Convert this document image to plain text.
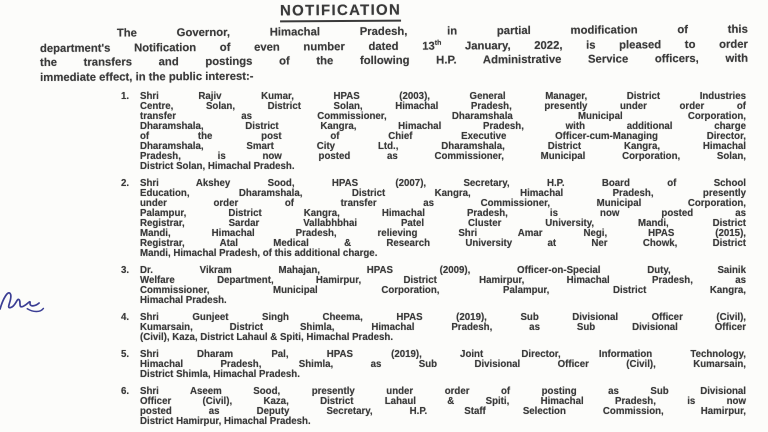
NOTIFICATION
The Governor, Himachal Pradesh, in partial modification of this
department's Notification of even number dated 13th January, 2022, is pleased to order
the transfers and postings of the following H.P. Administrative Service officers, with
immediate effect, in the public interest:-
1. Shri Rajiv Kumar, HPAS (2003), General Manager, District Industries
Centre, Solan, District Solan, Himachal Pradesh, presently under order of
transfer as Commissioner, Dharamshala Municipal Corporation,
Dharamshala, District Kangra, Himachal Pradesh, with additional charge
of the post of Chief Executive Officer-cum-Managing Director,
Dharamshala, Smart City Ltd., Dharamshala, District Kangra, Himachal
Pradesh, is now posted as Commissioner, Municipal Corporation, Solan,
District Solan, Himachal Pradesh.
2. Shri Akshey Sood, HPAS (2007), Secretary, H.P. Board of School
Education, Dharamshala, District Kangra, Himachal Pradesh, presently
under order of transfer as Commissioner, Municipal Corporation,
Palampur, District Kangra, Himachal Pradesh, is now posted as
Registrar, Sardar Vallabhbhai Patel Cluster University, Mandi, District
Mandi, Himachal Pradesh, relieving Shri Amar Negi, HPAS (2015),
Registrar, Atal Medical & Research University at Ner Chowk, District
Mandi, Himachal Pradesh, of this additional charge.
3. Dr. Vikram Mahajan, HPAS (2009), Officer-on-Special Duty, Sainik
Welfare Department, Hamirpur, District Hamirpur, Himachal Pradesh, as
Commissioner, Municipal Corporation, Palampur, District Kangra,
Himachal Pradesh.
4. Shri Gunjeet Singh Cheema, HPAS (2019), Sub Divisional Officer (Civil),
Kumarsain, District Shimla, Himachal Pradesh, as Sub Divisional Officer
(Civil), Kaza, District Lahaul & Spiti, Himachal Pradesh.
5. Shri Dharam Pal, HPAS (2019), Joint Director, Information Technology,
Himachal Pradesh, Shimla, as Sub Divisional Officer (Civil), Kumarsain,
District Shimla, Himachal Pradesh.
6. Shri Aseem Sood, presently under order of posting as Sub Divisional
Officer (Civil), Kaza, District Lahaul & Spiti, Himachal Pradesh, is now
posted as Deputy Secretary, H.P. Staff Selection Commission, Hamirpur,
District Hamirpur, Himachal Pradesh.
